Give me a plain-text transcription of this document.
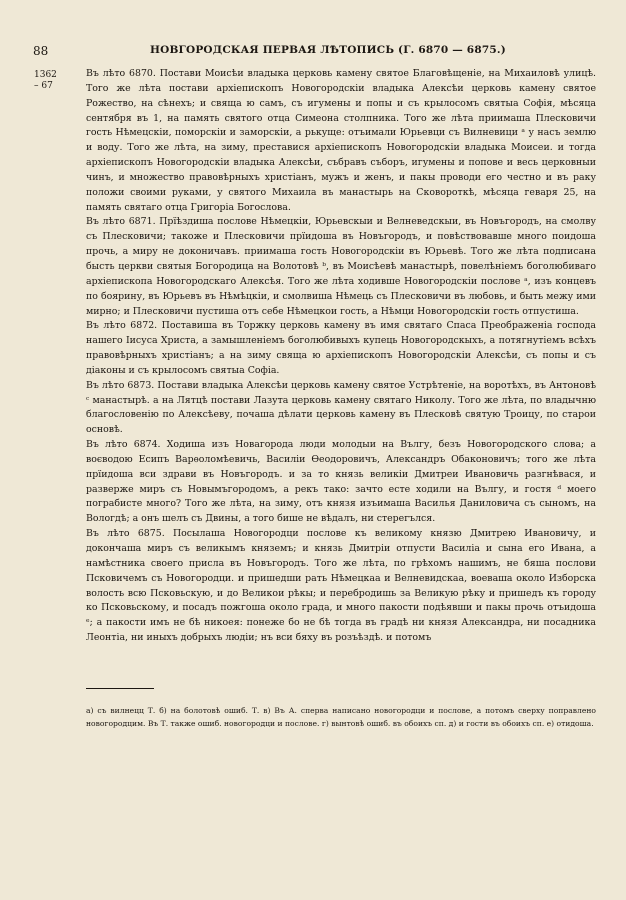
88	НОВГОРОДСКАЯ ПЕРВАЯ ЛѢТОПИСЬ (Г. 6870 — 6875.)
1362
– 67

Въ лѣто 6870. Постави Моисѣи владыка церковь камену святое Благовѣщеніе, на Михаиловѣ улицѣ. Того же лѣта постави архіепископъ Новогородскіи владыка Алексѣи церковь камену святое Рожество, на сѣнехъ; и свяща ю самъ, съ игумены и попы и съ крылосомъ святыа Софія, мѣсяца сентября въ 1, на память святого отца Симеона столпника. Того же лѣта приимаша Плесковичи гость Нѣмецскіи, поморскіи и заморскіи, а рькуще: отъимали Юрьевци съ Вилневици ᵃ у насъ землю и воду. Того же лѣта, на зиму, преставися архіепископъ Новогородскіи владыка Моисеи. и тогда архіепископъ Новогородскіи владыка Алексѣи, събравъ съборъ, игумены и попове и весь церковныи чинъ, и множество правовѣрныхъ христіанъ, мужъ и женъ, и пакы проводи его честно и въ раку положи своими руками, у святого Михаила въ манастырь на Сковороткѣ, мѣсяца геваря 25, на память святаго отца Григоріа Богослова.

Въ лѣто 6871. Прїѣздиша послове Нѣмецкіи, Юрьевскыи и Велневедскыи, въ Новъгородъ, на смолву съ Плесковичи; такоже и Плесковичи прїидоша въ Новъгородъ, и повѣствовавше много поидоша прочь, а миру не доконичавъ. приимаша гость Новогородскіи въ Юрьевѣ. Того же лѣта подписана бысть церкви святыя Богородица на Волотовѣ ᵇ, въ Моисѣевѣ манастырѣ, повелѣніемъ боголюбиваго архіепископа Новогородскаго Алексѣя. Того же лѣта ходивше Новогородскіи послове ᵃ, изъ концевъ по боярину, въ Юрьевъ въ Нѣмѣцкіи, и смолвиша Нѣмець съ Плесковичи въ любовь, и быть межу ими мирно; и Плесковичи пустиша отъ себе Нѣмецкои гость, а Нѣмци Новогородскіи гость отпустиша.

Въ лѣто 6872. Поставиша въ Торжку церковь камену въ имя святаго Спаса Преображеніа господа нашего Іисуса Христа, а замышленіемъ боголюбивыхъ купець Новогородскыхъ, а потягнутіемъ всѣхъ правовѣрныхъ христіанъ; а на зиму свяща ю архіепископъ Новогородскіи Алексѣи, съ попы и съ діаконы и съ крылосомъ святыа Софіа.

Въ лѣто 6873. Постави владыка Алексѣи церковь камену святое Устрѣтеніе, на воротѣхъ, въ Антоновѣ ᶜ манастырѣ. а на Лятцѣ постави Лазута церковь камену святаго Николу. Того же лѣта, по владычню благословенію по Алексѣеву, почаша дѣлати церковь камену въ Плесковѣ святую Троицу, по старои основѣ.

Въ лѣто 6874. Ходиша изъ Новагорода люди молодыи на Вългу, безъ Новогородского слова; а воєводою Есипъ Варѳоломѣевичь, Василіи Ѳеодоровичъ, Александръ Обаконовичъ; того же лѣта прїидоша вси здрави въ Новъгородъ. и за то князь великіи Дмитреи Ивановичь разгнѣвася, и разверже миръ съ Новымъгородомъ, а рекъ тако: зачто есте ходили на Вългу, и гостя ᵈ моего пограбисте много? Того же лѣта, на зиму, отъ князя изъимаша Василья Даниловича съ сыномъ, на Вологдѣ; а онъ шелъ съ Двины, а того бише не вѣдалъ, ни стерегълся.

Въ лѣто 6875. Посылаша Новогородци послове къ великому князю Дмитрею Ивановичу, и докончаша миръ съ великымъ княземъ; и князь Дмитріи отпусти Василіа и сына его Ивана, а намѣстника своего присла въ Новъгородъ. Того же лѣта, по грѣхомъ нашимъ, не бяша послови Псковичемъ съ Новогородци. и пришедши рать Нѣмецкаа и Велневидскаа, воеваша около Изборска волость всю Псковьскую, и до Великои рѣкы; и перебродишь за Великую рѣку и пришедъ къ городу ко Псковьскому, и посадъ пожгоша около града, и много пакости подѣявши и пакы прочь отъидоша ᵉ; а пакости имъ не бѣ никоея: понеже бо не бѣ тогда въ градѣ ни князя Александра, ни посадника Леонтіа, ни иныхъ добрыхъ людіи; нъ вси бяху въ розъѣздѣ. и потомъ

а) съ вилнецц Т. б) на болотовѣ ошиб. Т. в) Въ А. сперва написано новогородци и послове, а потомъ сверху поправлено новогородцим. Въ Т. также ошиб. новогородци и послове. г) вынтовѣ ошиб. въ обоихъ сп. д) и гости въ обоихъ сп. е) отидоша.
